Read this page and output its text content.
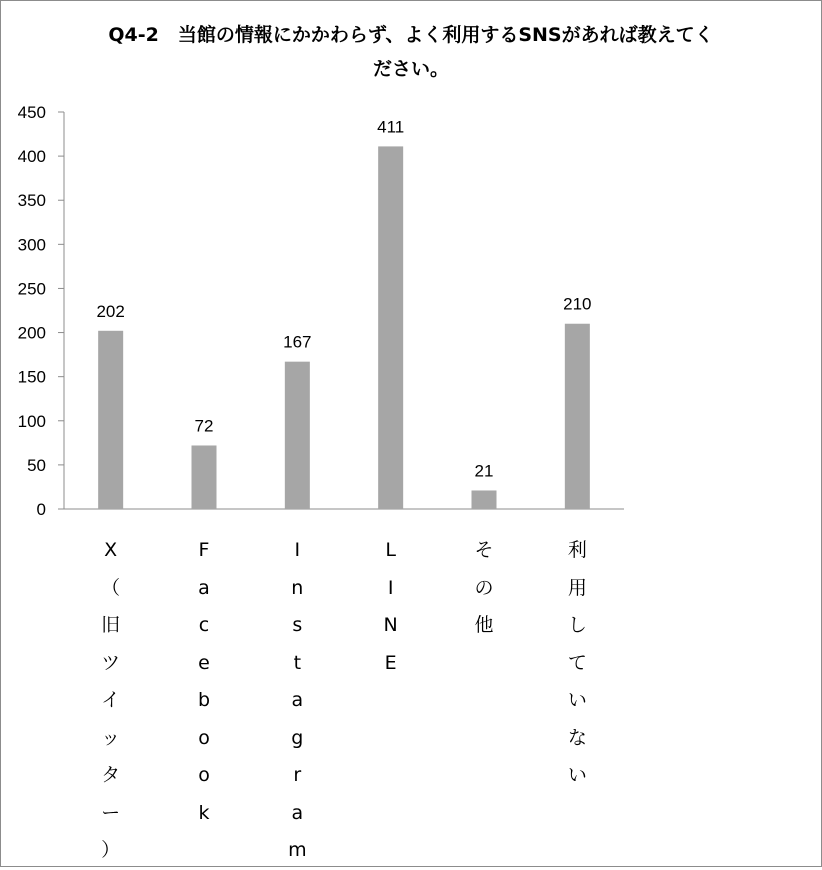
Q4-2　当館の情報にかかわらず、よく利用するSNSがあれば教えてく
ださい。
0
50
100
150
200
250
300
350
400
450
202
72
167
411
21
210
X
（
旧
ツ
イ
ッ
タ
ー
）
F
a
c
e
b
o
o
k
I
n
s
t
a
g
r
a
m
L
I
N
E
そ
の
他
利
用
し
て
い
な
い
